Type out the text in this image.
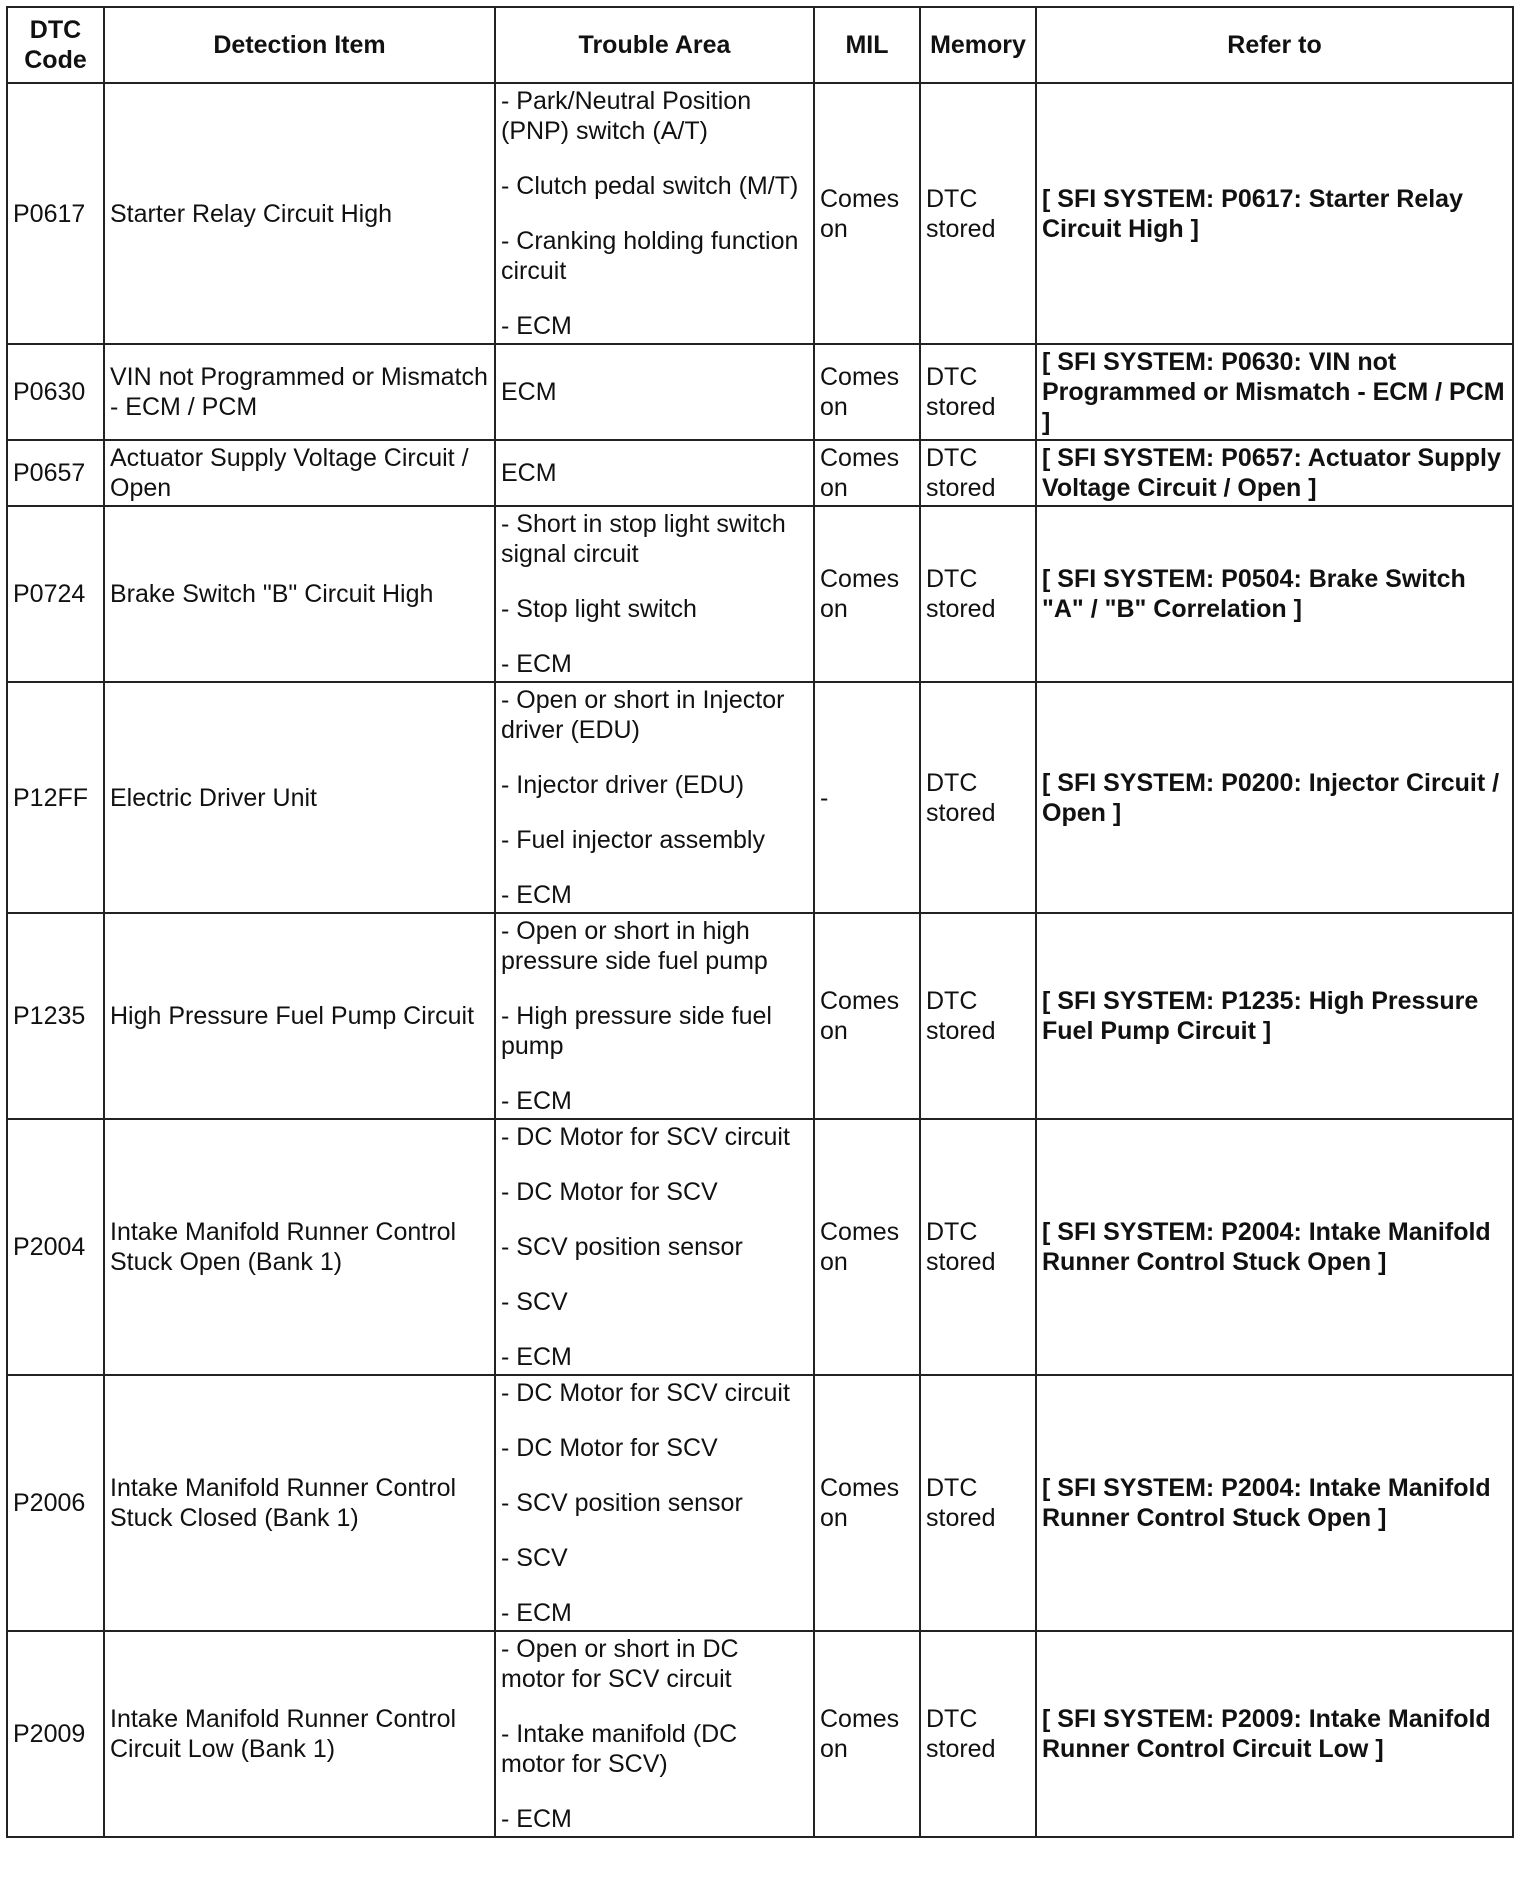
DTC Code	Detection Item	Trouble Area	MIL	Memory	Refer to
P0617	Starter Relay Circuit High	- Park/Neutral Position (PNP) switch (A/T)
- Clutch pedal switch (M/T)
- Cranking holding function circuit
- ECM	Comes on	DTC stored	[ SFI SYSTEM: P0617: Starter Relay Circuit High ]
P0630	VIN not Programmed or Mismatch - ECM / PCM	ECM	Comes on	DTC stored	[ SFI SYSTEM: P0630: VIN not Programmed or Mismatch - ECM / PCM ]
P0657	Actuator Supply Voltage Circuit / Open	ECM	Comes on	DTC stored	[ SFI SYSTEM: P0657: Actuator Supply Voltage Circuit / Open ]
P0724	Brake Switch "B" Circuit High	- Short in stop light switch signal circuit
- Stop light switch
- ECM	Comes on	DTC stored	[ SFI SYSTEM: P0504: Brake Switch "A" / "B" Correlation ]
P12FF	Electric Driver Unit	- Open or short in Injector driver (EDU)
- Injector driver (EDU)
- Fuel injector assembly
- ECM	-	DTC stored	[ SFI SYSTEM: P0200: Injector Circuit / Open ]
P1235	High Pressure Fuel Pump Circuit	- Open or short in high pressure side fuel pump
- High pressure side fuel pump
- ECM	Comes on	DTC stored	[ SFI SYSTEM: P1235: High Pressure Fuel Pump Circuit ]
P2004	Intake Manifold Runner Control Stuck Open (Bank 1)	- DC Motor for SCV circuit
- DC Motor for SCV
- SCV position sensor
- SCV
- ECM	Comes on	DTC stored	[ SFI SYSTEM: P2004: Intake Manifold Runner Control Stuck Open ]
P2006	Intake Manifold Runner Control Stuck Closed (Bank 1)	- DC Motor for SCV circuit
- DC Motor for SCV
- SCV position sensor
- SCV
- ECM	Comes on	DTC stored	[ SFI SYSTEM: P2004: Intake Manifold Runner Control Stuck Open ]
P2009	Intake Manifold Runner Control Circuit Low (Bank 1)	- Open or short in DC motor for SCV circuit
- Intake manifold (DC motor for SCV)
- ECM	Comes on	DTC stored	[ SFI SYSTEM: P2009: Intake Manifold Runner Control Circuit Low ]
